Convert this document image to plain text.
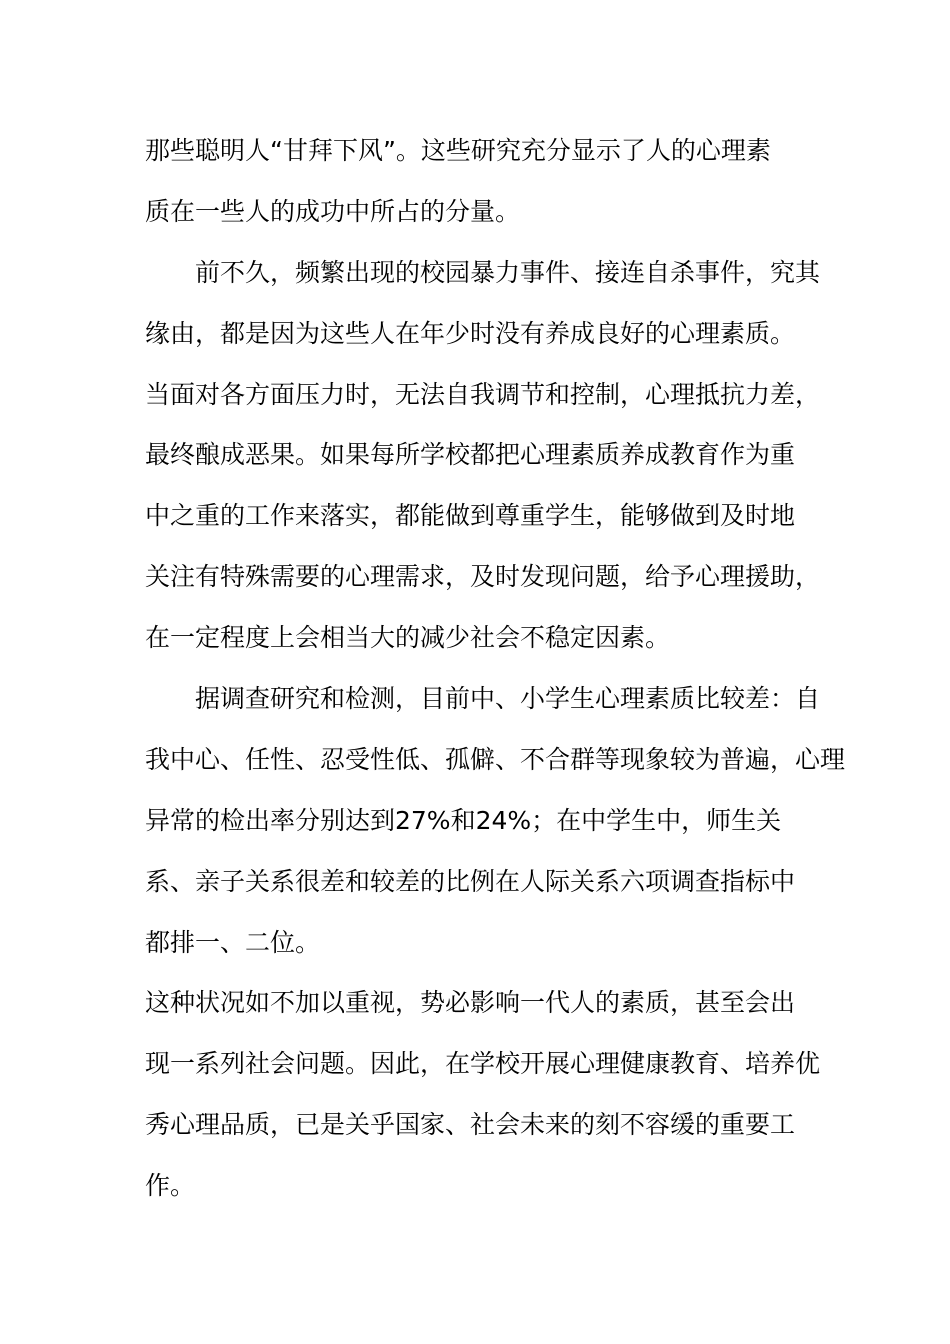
那些聪明人“甘拜下风”。这些研究充分显示了人的心理素
质在一些人的成功中所占的分量。
前不久，频繁出现的校园暴力事件、接连自杀事件，究其
缘由，都是因为这些人在年少时没有养成良好的心理素质。
当面对各方面压力时，无法自我调节和控制，心理抵抗力差，
最终酿成恶果。如果每所学校都把心理素质养成教育作为重
中之重的工作来落实，都能做到尊重学生，能够做到及时地
关注有特殊需要的心理需求，及时发现问题，给予心理援助，
在一定程度上会相当大的减少社会不稳定因素。
据调查研究和检测，目前中、小学生心理素质比较差：自
我中心、任性、忍受性低、孤僻、不合群等现象较为普遍，心理
异常的检出率分别达到27%和24%；在中学生中，师生关
系、亲子关系很差和较差的比例在人际关系六项调查指标中
都排一、二位。
这种状况如不加以重视，势必影响一代人的素质，甚至会出
现一系列社会问题。因此，在学校开展心理健康教育、培养优
秀心理品质，已是关乎国家、社会未来的刻不容缓的重要工
作。
